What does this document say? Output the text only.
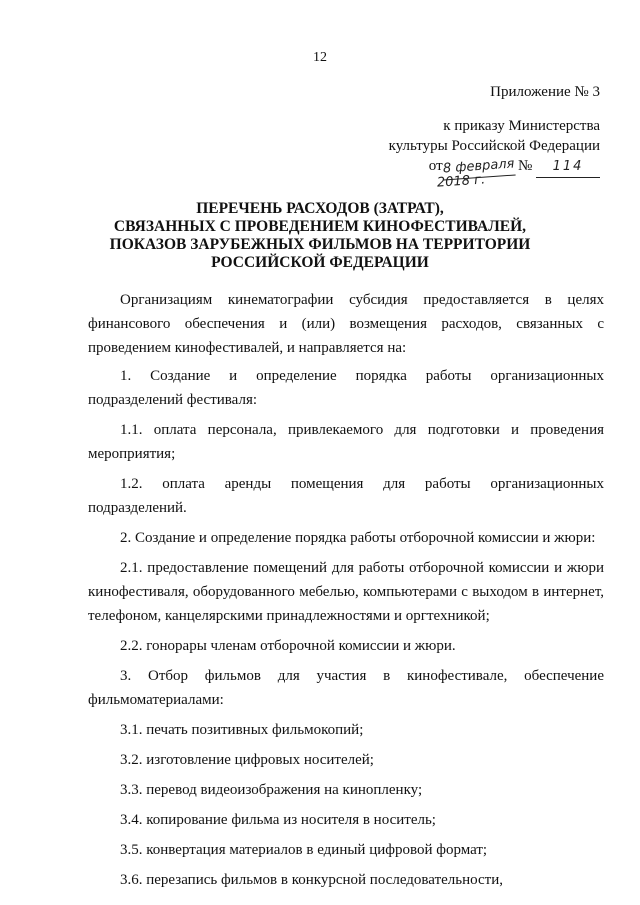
12
Приложение № 3
к приказу Министерства
культуры Российской Федерации
от8 февраля № 114
2018 г.
ПЕРЕЧЕНЬ РАСХОДОВ (ЗАТРАТ),
СВЯЗАННЫХ С ПРОВЕДЕНИЕМ КИНОФЕСТИВАЛЕЙ,
ПОКАЗОВ ЗАРУБЕЖНЫХ ФИЛЬМОВ НА ТЕРРИТОРИИ
РОССИЙСКОЙ ФЕДЕРАЦИИ

Организациям кинематографии субсидия предоставляется в целях финансового обеспечения и (или) возмещения расходов, связанных с проведением кинофестивалей, и направляется на:

1. Создание и определение порядка работы организационных подразделений фестиваля:

1.1. оплата персонала, привлекаемого для подготовки и проведения мероприятия;

1.2. оплата аренды помещения для работы организационных подразделений.

2. Создание и определение порядка работы отборочной комиссии и жюри:

2.1. предоставление помещений для работы отборочной комиссии и жюри кинофестиваля, оборудованного мебелью, компьютерами с выходом в интернет, телефоном, канцелярскими принадлежностями и оргтехникой;

2.2. гонорары членам отборочной комиссии и жюри.

3. Отбор фильмов для участия в кинофестивале, обеспечение фильмоматериалами:

3.1. печать позитивных фильмокопий;

3.2. изготовление цифровых носителей;

3.3. перевод видеоизображения на кинопленку;

3.4. копирование фильма из носителя в носитель;

3.5. конвертация материалов в единый цифровой формат;

3.6. перезапись фильмов в конкурсной последовательности,
